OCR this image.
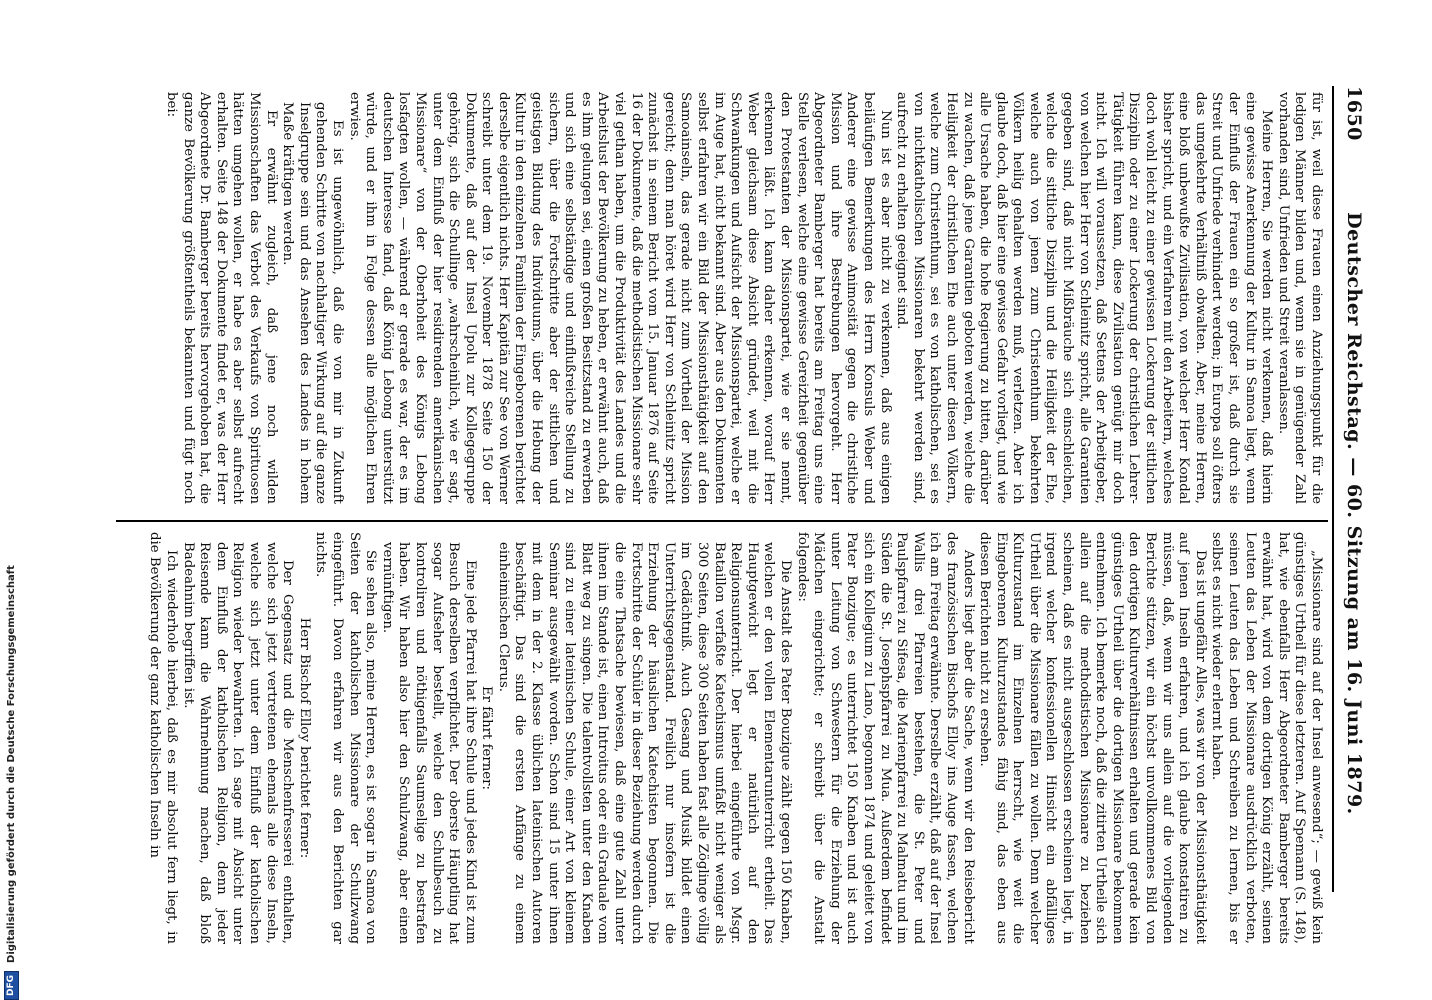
1650
Deutscher Reichstag. — 60. Sitzung am 16. Juni 1879.

für ist, weil diese Frauen einen Anziehungspunkt für die ledigen Männer bilden und, wenn sie in genügender Zahl vorhanden sind, Unfrieden und Streit veranlassen.

Meine Herren, Sie werden nicht verkennen, daß hierin eine gewisse Anerkennung der Kultur in Samoa liegt, wenn der Einfluß der Frauen ein so großer ist, daß durch sie Streit und Unfriede verhindert werden; in Europa soll öfters das umgekehrte Verhältniß obwalten. Aber, meine Herren, eine bloß unbewußte Zivilisation, von welcher Herr Kondal bisher spricht, und ein Verfahren mit den Arbeitern, welches doch wohl leicht zu einer gewissen Lockerung der sittlichen Disziplin oder zu einer Lockerung der christlichen Lehrer-Tätigkeit führen kann, diese Zivilisation genügt mir doch nicht. Ich will voraussetzen, daß Settens der Arbeitgeber, von welchen hier Herr von Schleinitz spricht, alle Garantien gegeben sind, daß nicht Mißbräuche sich einschleichen, welche die sittliche Disziplin und die Heiligkeit der Ehe, welche auch von jenen zum Christenthum bekehrten Völkern heilig gehalten werden muß, verletzen. Aber ich glaube doch, daß hier eine gewisse Gefahr vorliegt, und wie alle Ursache haben, die hohe Regierung zu bitten, darüber zu wachen, daß jene Garantien geboten werden, welche die Heiligkeit der christlichen Ehe auch unter diesen Völkern, welche zum Christenthum, sei es von katholischen, sei es von nichtkatholischen Missionaren bekehrt werden sind, aufrecht zu erhalten geeignet sind.

Nun ist es aber nicht zu verkennen, daß aus einigen beiläufigen Bemerkungen des Herrn Konsuls Weber und Anderer eine gewisse Animosität gegen die christliche Mission und ihre Bestrebungen hervorgeht. Herr Abgeordneter Bamberger hat bereits am Freitag uns eine Stelle verlesen, welche eine gewisse Gereiztheit gegenüber den Protestanten der Missionspartei, wie er sie nennt, erkennen läßt. Ich kann daher erkennen, worauf Herr Weber gleichsam diese Absicht gründet, weil mit die Schwankungen und Aufsicht der Missionspartei, welche er im Auge hat, nicht bekannt sind. Aber aus den Dokumenten selbst erfahren wir ein Bild der Missionsthätigkeit auf den Samoainseln, das gerade nicht zum Vortheil der Mission gereicht; denn man höret wird Herr von Schleinitz spricht zunächst in seinem Bericht vom 15. Januar 1876 auf Seite 16 der Dokumente, daß die methodistischen Missionare sehr viel gethan haben, um die Produktivität des Landes und die Arbeitslust der Bevölkerung zu heben, er erwähnt auch, daß es ihm gelungen sei, einen großen Besitzstand zu erwerben und sich eine selbständige und einflußreiche Stellung zu sichern, über die Fortschritte aber der sittlichen und geistigen Bildung des Individuums, über die Hebung der Kultur in den einzelnen Familien der Eingeborenen berichtet derselbe eigentlich nichts. Herr Kapitän zur See von Werner schreibt unter dem 19. November 1878 Seite 150 der Dokumente, daß auf der Insel Upolu zur Kollegegruppe gehörig, sich die Schullinge „wahrscheinlich, wie er sagt, unter dem Einfluß der hier residirenden amerikanischen Missionare“ von der Oberhoheit des Königs Lebong losfagten wollen, — während er gerade es war, der es im deutschen Interesse fand, daß König Lebong unterstützt würde, und er ihm in Folge dessen alle möglichen Ehren erwies.

Es ist ungewöhnlich, daß die von mir in Zukunft gehenden Schritte von nachhaltiger Wirkung auf die ganze Inselgruppe sein und das Ansehen des Landes in hohem Maße kräftigen werden.

Er erwähnt zugleich, daß jene noch wilden Missionschaften das Verbot des Verkaufs von Spirituosen hätten umgehen wollen, er habe es aber selbst aufrecht erhalten. Seite 148 der Dokumente findet er, was der Herr Abgeordnete Dr. Bamberger bereits hervorgehoben hat, die ganze Bevölkerung größtentheils bekannten und fügt noch bei:

„Missionare sind auf der Insel anwesend“; — gewiß kein günstiges Urtheil für diese letzteren. Auf Spemann (S. 148), hat, wie ebenfalls Herr Abgeordneter Bamberger bereits erwähnt hat, wird von dem dortigen König erzählt, seinen Leuten das Leben der Missionare ausdrücklich verboten, seinen Leuten das Leben und Schreiben zu lernen, bis er selbst es nicht wieder erlernt haben.

Das ist ungefähr Alles, was wir von der Missionsthätigkeit auf jenen Inseln erfahren, und ich glaube konstatiren zu müssen, daß, wenn wir uns allein auf die vorliegenden Berichte stützen, wir ein höchst unvollkommenes Bild von den dortigen Kulturverhältnissen erhalten und gerade kein günstiges Urtheil über die dortigen Missionare bekommen entnehmen. Ich bemerke noch, daß die zitirten Urtheile sich allein auf die methodistischen Missionare zu beziehen scheinen, daß es nicht ausgeschlossen erscheinen liegt, in irgend welcher konfessionellen Hinsicht ein abfälliges Urtheil über die Missionare fällen zu wollen. Denn welcher Kulturzustand im Einzelnen herrscht, wie weit die Eingeborenen Kulturzustandes fähig sind, das eben aus diesen Berichten nicht zu ersehen.

Anders liegt aber die Sache, wenn wir den Reisebericht des französischen Bischofs Elloy ins Auge fassen, welchen ich am Freitag erwähnte. Derselbe erzählt, daß auf der Insel Wallis drei Pfarreien bestehen, die St. Peter und Paulspfarrei zu Sifesa, die Marienpfarrei zu Malmatu und im Süden die St. Josephspfarrei zu Mua. Außerdem befindet sich ein Kollegium zu Lano, begonnen 1874 und geleitet von Pater Bouzigue; es unterrichtet 150 Knaben und ist auch unter Leitung von Schwestern für die Erziehung der Mädchen eingerichtet; er schreibt über die Anstalt folgendes:

Die Anstalt des Pater Bouzigue zählt gegen 150 Knaben, welchen er den vollen Elementarunterricht ertheilt. Das Hauptgewicht legt er natürlich auf den Religionsunterricht. Der hierbei eingeführte von Msgr. Bataillon verfaßte Katechismus umfaßt nicht weniger als 300 Seiten, diese 300 Seiten haben fast alle Zöglinge völlig im Gedächtniß. Auch Gesang und Musik bildet einen Unterrichtsgegenstand. Freilich nur insofern ist die Erziehung der häuslichen Katechisten begonnen. Die Fortschritte der Schüler in dieser Beziehung werden durch die eine Thatsache bewiesen, daß eine gute Zahl unter ihnen im Stande ist, einen Introitus oder ein Graduale vom Blatt weg zu singen. Die talentvollsten unter den Knaben sind zu einer lateinischen Schule, einer Art von kleinem Seminar ausgewählt worden. Schon sind 15 unter ihnen mit dem in der 2. Klasse üblichen lateinischen Autoren beschäftigt. Das sind die ersten Anfänge zu einem einheimischen Clerus.

Er fährt ferner:

Eine jede Pfarrei hat ihre Schule und jedes Kind ist zum Besuch derselben verpflichtet. Der oberste Häuptling hat sogar Aufseher bestellt, welche den Schulbesuch zu kontroliren und nöthigenfalls Saumselige zu bestrafen haben. Wir haben also hier den Schulzwang, aber einen vernünftigen.

Sie sehen also, meine Herren, es ist sogar in Samoa von Seiten der katholischen Missionare der Schulzwang eingeführt. Davon erfahren wir aus den Berichten gar nichts.

Herr Bischof Elloy berichtet ferner:

Der Gegensatz und die Menschenfresserei enthalten, welche sich jetzt vertretenen ehemals alle diese Inseln, welche sich jetzt unter dem Einfluß der katholischen Religion wieder bewahrten. Ich sage mit Absicht unter dem Einfluß der katholischen Religion, denn jeder Reisende kann die Wahrnehmung machen, daß bloß Badeahnim begriffen ist.

Ich wiederhole hierbei, daß es mir absolut fern liegt, in die Bevölkerung der ganz katholischen Inseln in

DFG
Digitalisierung gefördert durch die Deutsche Forschungsgemeinschaft
